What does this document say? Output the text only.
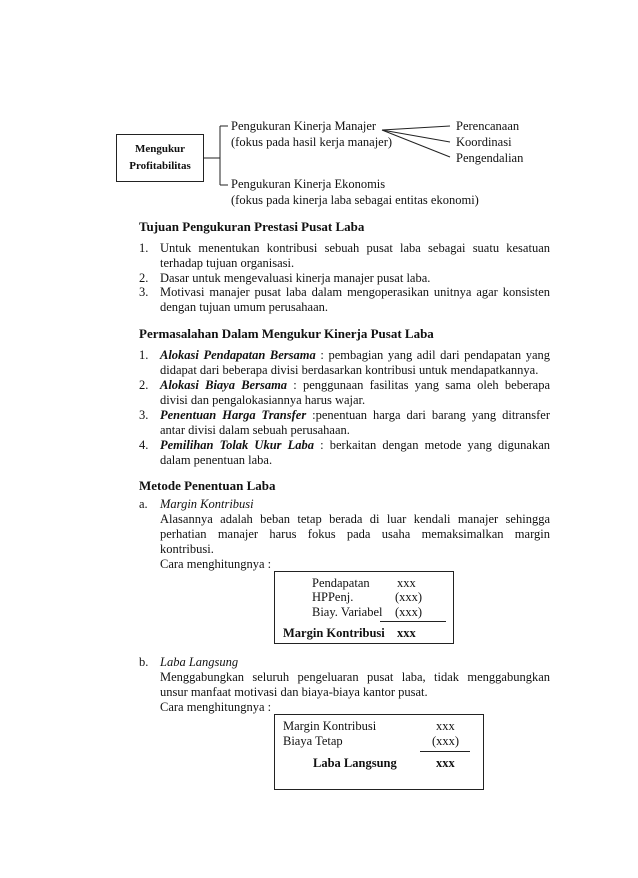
Mengukur
Profitabilitas
Pengukuran Kinerja Manajer
(fokus pada hasil kerja manajer)
Pengukuran Kinerja Ekonomis
(fokus pada kinerja laba sebagai entitas ekonomi)
Perencanaan
Koordinasi
Pengendalian
Tujuan Pengukuran Prestasi Pusat Laba
1. Untuk menentukan kontribusi sebuah pusat laba sebagai suatu kesatuan
terhadap tujuan organisasi.
2. Dasar untuk mengevaluasi kinerja manajer pusat laba.
3. Motivasi manajer pusat laba dalam mengoperasikan unitnya agar konsisten
dengan tujuan umum perusahaan.
Permasalahan Dalam Mengukur Kinerja Pusat Laba
1. Alokasi Pendapatan Bersama : pembagian yang adil dari pendapatan yang
didapat dari beberapa divisi berdasarkan kontribusi untuk mendapatkannya.
2. Alokasi Biaya Bersama : penggunaan fasilitas yang sama oleh beberapa
divisi dan pengalokasiannya harus wajar.
3. Penentuan Harga Transfer :penentuan harga dari barang yang ditransfer
antar divisi dalam sebuah perusahaan.
4. Pemilihan Tolak Ukur Laba : berkaitan dengan metode yang digunakan
dalam penentuan laba.
Metode Penentuan Laba
a. Margin Kontribusi
Alasannya adalah beban tetap berada di luar kendali manajer sehingga
perhatian manajer harus fokus pada usaha memaksimalkan margin
kontribusi.
Cara menghitungnya :
Pendapatan xxx
HPPenj.	(xxx)
Biay. Variabel (xxx)
Margin Kontribusi xxx
b. Laba Langsung
Menggabungkan seluruh pengeluaran pusat laba, tidak menggabungkan
unsur manfaat motivasi dan biaya-biaya kantor pusat.
Cara menghitungnya :
Margin Kontribusi	xxx
Biaya Tetap	(xxx)
Laba Langsung	xxx
